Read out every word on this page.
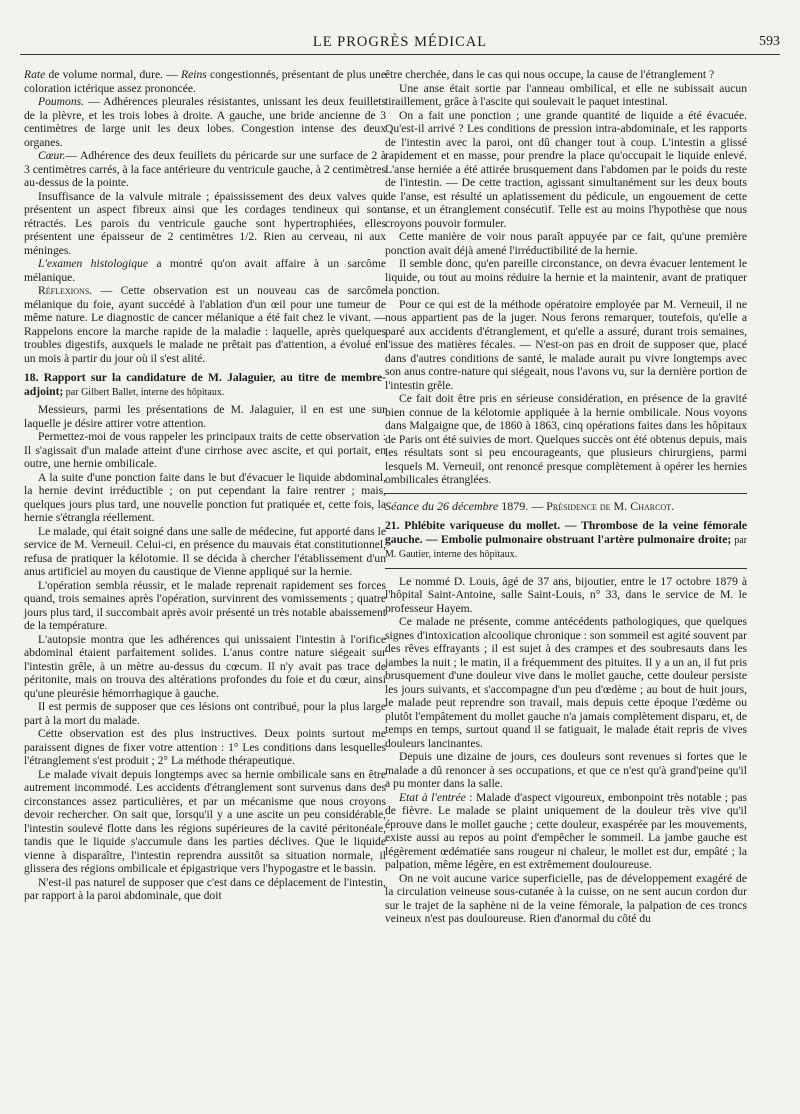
LE PROGRÈS MÉDICAL	593

Rate de volume normal, dure. — Reins congestionnés, présentant de plus une coloration ictérique assez prononcée.

Poumons. — Adhérences pleurales résistantes, unissant les deux feuillets de la plèvre, et les trois lobes à droite. A gauche, une bride ancienne de 3 centimètres de large unit les deux lobes. Congestion intense des deux organes.

Cœur.— Adhérence des deux feuillets du péricarde sur une surface de 2 à 3 centimètres carrés, à la face antérieure du ventricule gauche, à 2 centimètres au-dessus de la pointe.

Insuffisance de la valvule mitrale ; épaississement des deux valves qui présentent un aspect fibreux ainsi que les cordages tendineux qui sont rétractés. Les parois du ventricule gauche sont hypertrophiées, elles présentent une épaisseur de 2 centimètres 1/2. Rien au cerveau, ni aux méninges.

L'examen histologique a montré qu'on avait affaire à un sarcôme mélanique.

Réflexions. — Cette observation est un nouveau cas de sarcôme mélanique du foie, ayant succédé à l'ablation d'un œil pour une tumeur de même nature. Le diagnostic de cancer mélanique a été fait chez le vivant. — Rappelons encore la marche rapide de la maladie : laquelle, après quelques troubles digestifs, auxquels le malade ne prêtait pas d'attention, a évolué en un mois à partir du jour où il s'est alité.

18. Rapport sur la candidature de M. Jalaguier, au titre de membre-adjoint; par Gilbert Ballet, interne des hôpitaux.

Messieurs, parmi les présentations de M. Jalaguier, il en est une sur laquelle je désire attirer votre attention.

Permettez-moi de vous rappeler les principaux traits de cette observation : Il s'agissait d'un malade atteint d'une cirrhose avec ascite, et qui portait, en outre, une hernie ombilicale.

A la suite d'une ponction faite dans le but d'évacuer le liquide abdominal, la hernie devint irréductible ; on put cependant la faire rentrer ; mais, quelques jours plus tard, une nouvelle ponction fut pratiquée et, cette fois, la hernie s'étrangla réellement.

Le malade, qui était soigné dans une salle de médecine, fut apporté dans le service de M. Verneuil. Celui-ci, en présence du mauvais état constitutionnel, refusa de pratiquer la kélotomie. Il se décida à chercher l'établissement d'un anus artificiel au moyen du caustique de Vienne appliqué sur la hernie.

L'opération sembla réussir, et le malade reprenait rapidement ses forces quand, trois semaines après l'opération, survinrent des vomissements ; quatre jours plus tard, il succombait après avoir présenté un très notable abaissement de la température.

L'autopsie montra que les adhérences qui unissaient l'intestin à l'orifice abdominal étaient parfaitement solides. L'anus contre nature siégeait sur l'intestin grêle, à un mètre au-dessus du cœcum. Il n'y avait pas trace de péritonite, mais on trouva des altérations profondes du foie et du cœur, ainsi qu'une pleurésie hémorrhagique à gauche.

Il est permis de supposer que ces lésions ont contribué, pour la plus large part à la mort du malade.

Cette observation est des plus instructives. Deux points surtout me paraissent dignes de fixer votre attention : 1° Les conditions dans lesquelles l'étranglement s'est produit ; 2° La méthode thérapeutique.

Le malade vivait depuis longtemps avec sa hernie ombilicale sans en être autrement incommodé. Les accidents d'étranglement sont survenus dans des circonstances assez particulières, et par un mécanisme que nous croyons devoir rechercher. On sait que, lorsqu'il y a une ascite un peu considérable, l'intestin soulevé flotte dans les régions supérieures de la cavité péritonéale, tandis que le liquide s'accumule dans les parties déclives. Que le liquide vienne à disparaître, l'intestin reprendra aussitôt sa situation normale, il glissera des régions ombilicale et épigastrique vers l'hypogastre et le bassin.

N'est-il pas naturel de supposer que c'est dans ce déplacement de l'intestin, par rapport à la paroi abdominale, que doit

être cherchée, dans le cas qui nous occupe, la cause de l'étranglement ?

Une anse était sortie par l'anneau ombilical, et elle ne subissait aucun tiraillement, grâce à l'ascite qui soulevait le paquet intestinal.

On a fait une ponction ; une grande quantité de liquide a été évacuée. Qu'est-il arrivé ? Les conditions de pression intra-abdominale, et les rapports de l'intestin avec la paroi, ont dû changer tout à coup. L'intestin a glissé rapidement et en masse, pour prendre la place qu'occupait le liquide enlevé. L'anse herniée a été attirée brusquement dans l'abdomen par le poids du reste de l'intestin. — De cette traction, agissant simultanément sur les deux bouts de l'anse, est résulté un aplatissement du pédicule, un engouement de cette anse, et un étranglement consécutif. Telle est au moins l'hypothèse que nous croyons pouvoir formuler.

Cette manière de voir nous paraît appuyée par ce fait, qu'une première ponction avait déjà amené l'irréductibilité de la hernie.

Il semble donc, qu'en pareille circonstance, on devra évacuer lentement le liquide, ou tout au moins réduire la hernie et la maintenir, avant de pratiquer la ponction.

Pour ce qui est de la méthode opératoire employée par M. Verneuil, il ne nous appartient pas de la juger. Nous ferons remarquer, toutefois, qu'elle a paré aux accidents d'étranglement, et qu'elle a assuré, durant trois semaines, l'issue des matières fécales. — N'est-on pas en droit de supposer que, placé dans d'autres conditions de santé, le malade aurait pu vivre longtemps avec son anus contre-nature qui siégeait, nous l'avons vu, sur la dernière portion de l'intestin grêle.

Ce fait doit être pris en sérieuse considération, en présence de la gravité bien connue de la kélotomie appliquée à la hernie ombilicale. Nous voyons dans Malgaigne que, de 1860 à 1863, cinq opérations faites dans les hôpitaux de Paris ont été suivies de mort. Quelques succès ont été obtenus depuis, mais les résultats sont si peu encourageants, que plusieurs chirurgiens, parmi lesquels M. Verneuil, ont renoncé presque complètement à opérer les hernies ombilicales étranglées.

Séance du 26 décembre 1879. — Présidence de M. Charcot.

21. Phlébite variqueuse du mollet. — Thrombose de la veine fémorale gauche. — Embolie pulmonaire obstruant l'artère pulmonaire droite; par M. Gautier, interne des hôpitaux.

Le nommé D. Louis, âgé de 37 ans, bijoutier, entre le 17 octobre 1879 à l'hôpital Saint-Antoine, salle Saint-Louis, n° 33, dans le service de M. le professeur Hayem.

Ce malade ne présente, comme antécédents pathologiques, que quelques signes d'intoxication alcoolique chronique : son sommeil est agité souvent par des rêves effrayants ; il est sujet à des crampes et des soubresauts dans les jambes la nuit ; le matin, il a fréquemment des pituites. Il y a un an, il fut pris brusquement d'une douleur vive dans le mollet gauche, cette douleur persiste les jours suivants, et s'accompagne d'un peu d'œdème ; au bout de huit jours, le malade peut reprendre son travail, mais depuis cette époque l'œdème ou plutôt l'empâtement du mollet gauche n'a jamais complètement disparu, et, de temps en temps, surtout quand il se fatiguait, le malade était repris de vives douleurs lancinantes.

Depuis une dizaine de jours, ces douleurs sont revenues si fortes que le malade a dû renoncer à ses occupations, et que ce n'est qu'à grand'peine qu'il a pu monter dans la salle.

Etat à l'entrée : Malade d'aspect vigoureux, embonpoint très notable ; pas de fièvre. Le malade se plaint uniquement de la douleur très vive qu'il éprouve dans le mollet gauche ; cette douleur, exaspérée par les mouvements, existe aussi au repos au point d'empêcher le sommeil. La jambe gauche est légèrement œdématiée sans rougeur ni chaleur, le mollet est dur, empâté ; la palpation, même légère, en est extrêmement douloureuse.

On ne voit aucune varice superficielle, pas de développement exagéré de la circulation veineuse sous-cutanée à la cuisse, on ne sent aucun cordon dur sur le trajet de la saphène ni de la veine fémorale, la palpation de ces troncs veineux n'est pas douloureuse. Rien d'anormal du côté du
